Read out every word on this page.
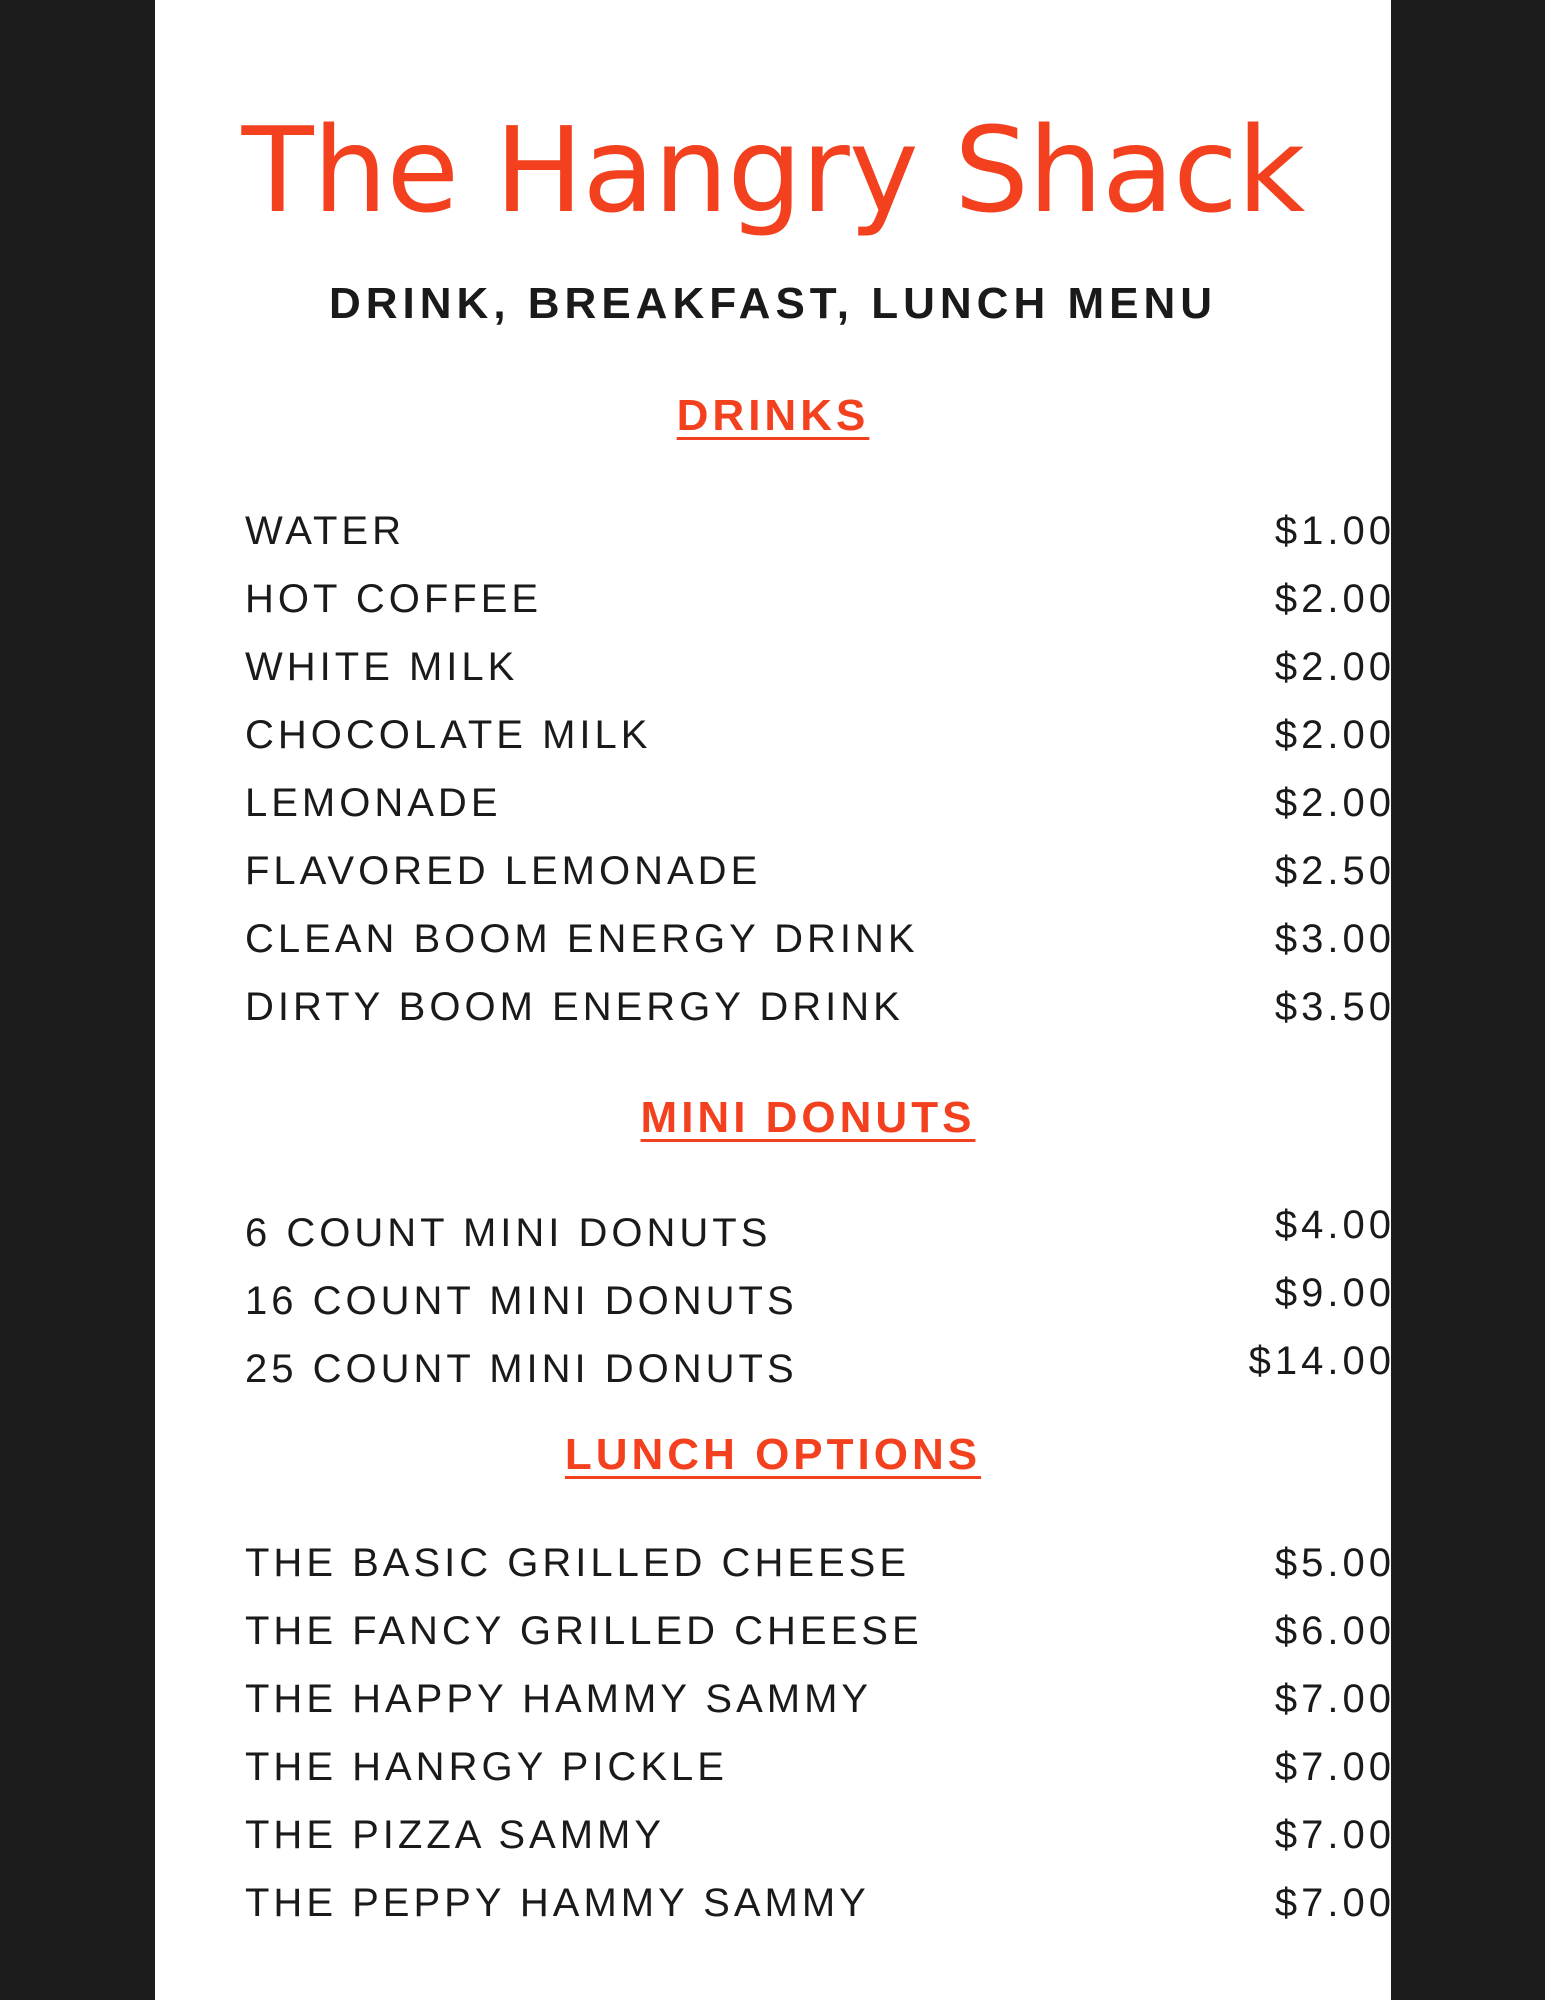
The Hangry Shack
DRINK, BREAKFAST, LUNCH MENU
DRINKS
WATER	$1.00
HOT COFFEE	$2.00
WHITE MILK	$2.00
CHOCOLATE MILK	$2.00
LEMONADE	$2.00
FLAVORED LEMONADE	$2.50
CLEAN BOOM ENERGY DRINK	$3.00
DIRTY BOOM ENERGY DRINK	$3.50
MINI DONUTS
6 COUNT MINI DONUTS	$4.00
16 COUNT MINI DONUTS	$9.00
25 COUNT MINI DONUTS	$14.00
LUNCH OPTIONS
THE BASIC GRILLED CHEESE	$5.00
THE FANCY GRILLED CHEESE	$6.00
THE HAPPY HAMMY SAMMY	$7.00
THE HANRGY PICKLE	$7.00
THE PIZZA SAMMY	$7.00
THE PEPPY HAMMY SAMMY	$7.00
